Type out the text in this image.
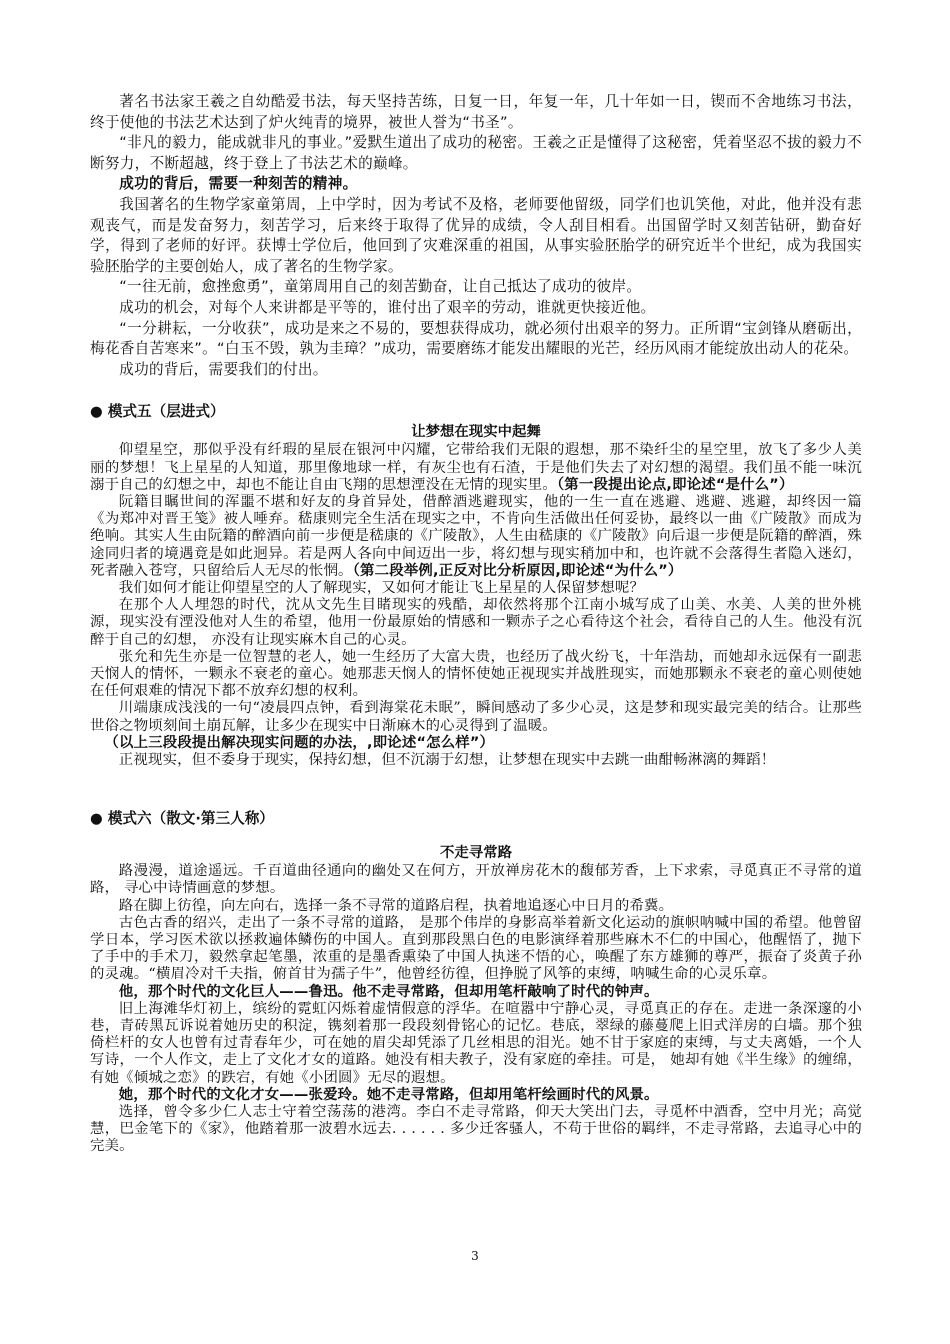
著名书法家王羲之自幼酷爱书法，每天坚持苦练，日复一日，年复一年，几十年如一日，锲而不舍地练习书法，终于使他的书法艺术达到了炉火纯青的境界，被世人誉为“书圣”。

“非凡的毅力，能成就非凡的事业。”爱默生道出了成功的秘密。王羲之正是懂得了这秘密，凭着坚忍不拔的毅力不断努力，不断超越，终于登上了书法艺术的巅峰。

成功的背后，需要一种刻苦的精神。

我国著名的生物学家童第周，上中学时，因为考试不及格，老师要他留级，同学们也讥笑他，对此，他并没有悲观丧气，而是发奋努力，刻苦学习，后来终于取得了优异的成绩，令人刮目相看。出国留学时又刻苦钻研，勤奋好学，得到了老师的好评。获博士学位后，他回到了灾难深重的祖国，从事实验胚胎学的研究近半个世纪，成为我国实验胚胎学的主要创始人，成了著名的生物学家。

“一往无前，愈挫愈勇”，童第周用自己的刻苦勤奋，让自己抵达了成功的彼岸。

成功的机会，对每个人来讲都是平等的，谁付出了艰辛的劳动，谁就更快接近他。

“一分耕耘，一分收获”，成功是来之不易的，要想获得成功，就必须付出艰辛的努力。正所谓“宝剑锋从磨砺出，梅花香自苦寒来”。“白玉不毁，孰为圭璋？”成功，需要磨练才能发出耀眼的光芒，经历风雨才能绽放出动人的花朵。

成功的背后，需要我们的付出。

● 模式五（层进式）
让梦想在现实中起舞

仰望星空，那似乎没有纤瑕的星辰在银河中闪耀，它带给我们无限的遐想，那不染纤尘的星空里，放飞了多少人美丽的梦想！飞上星星的人知道，那里像地球一样，有灰尘也有石渣，于是他们失去了对幻想的渴望。我们虽不能一味沉溺于自己的幻想之中，却也不能让自由飞翔的思想湮没在无情的现实里。（第一段提出论点,即论述“是什么”）

阮籍目瞩世间的浑噩不堪和好友的身首异处，借醉酒逃避现实，他的一生一直在逃避、逃避、逃避，却终因一篇《为郑冲对晋王笺》被人唾弃。嵇康则完全生活在现实之中，不肯向生活做出任何妥协，最终以一曲《广陵散》而成为绝响。其实人生由阮籍的醉酒向前一步便是嵇康的《广陵散》，人生由嵇康的《广陵散》向后退一步便是阮籍的醉酒，殊途同归者的境遇竟是如此迥异。若是两人各向中间迈出一步，将幻想与现实稍加中和，也许就不会落得生者隐入迷幻，死者融入苍穹，只留给后人无尽的怅惘。（第二段举例,正反对比分析原因,即论述“为什么”）

我们如何才能让仰望星空的人了解现实，又如何才能让飞上星星的人保留梦想呢？

在那个人人埋怨的时代，沈从文先生目睹现实的残酷，却依然将那个江南小城写成了山美、水美、人美的世外桃源，现实没有湮没他对人生的希望，他用一份最原始的情感和一颗赤子之心看待这个社会，看待自己的人生。他没有沉醉于自己的幻想， 亦没有让现实麻木自己的心灵。

张允和先生亦是一位智慧的老人，她一生经历了大富大贵，也经历了战火纷飞，十年浩劫，而她却永远保有一副悲天悯人的情怀，一颗永不衰老的童心。她那悲天悯人的情怀使她正视现实并战胜现实，而她那颗永不衰老的童心则使她在任何艰难的情况下都不放弃幻想的权利。

川端康成浅浅的一句“凌晨四点钟，看到海棠花未眠”，瞬间感动了多少心灵，这是梦和现实最完美的结合。让那些世俗之物顷刻间土崩瓦解，让多少在现实中日渐麻木的心灵得到了温暖。

（以上三段段提出解决现实问题的办法，,即论述“怎么样”）

正视现实，但不委身于现实，保持幻想，但不沉溺于幻想，让梦想在现实中去跳一曲酣畅淋漓的舞蹈！

● 模式六（散文·第三人称）
不走寻常路

路漫漫，道途遥远。千百道曲径通向的幽处又在何方，开放禅房花木的馥郁芳香，上下求索，寻觅真正不寻常的道路， 寻心中诗情画意的梦想。

路在脚上彷徨，向左向右，选择一条不寻常的道路启程，执着地追逐心中日月的希冀。

古色古香的绍兴，走出了一条不寻常的道路， 是那个伟岸的身影高举着新文化运动的旗帜呐喊中国的希望。他曾留学日本，学习医术欲以拯救遍体鳞伤的中国人。直到那段黑白色的电影演绎着那些麻木不仁的中国心，他醒悟了，抛下了手中的手术刀，毅然拿起笔墨，浓重的是墨香熏染了中国人执迷不悟的心，唤醒了东方雄狮的尊严，振奋了炎黄子孙的灵魂。“横眉冷对千夫指，俯首甘为孺子牛”，他曾经彷徨，但挣脱了风筝的束缚，呐喊生命的心灵乐章。

他，那个时代的文化巨人——鲁迅。他不走寻常路，但却用笔杆敲响了时代的钟声。

旧上海滩华灯初上，缤纷的霓虹闪烁着虚情假意的浮华。在喧嚣中宁静心灵，寻觅真正的存在。走进一条深邃的小巷，青砖黑瓦诉说着她历史的积淀，镌刻着那一段段刻骨铭心的记忆。巷底，翠绿的藤蔓爬上旧式洋房的白墙。那个独倚栏杆的女人也曾有过青春年少，可在她的眉尖却凭添了几丝相思的泪光。她不甘于家庭的束缚，与丈夫离婚，一个人写诗，一个人作文，走上了文化才女的道路。她没有相夫教子，没有家庭的牵挂。可是， 她却有她《半生缘》的缠绵，有她《倾城之恋》的跌宕，有她《小团圆》无尽的遐想。

她，那个时代的文化才女——张爱玲。她不走寻常路，但却用笔杆绘画时代的风景。

选择，曾令多少仁人志士守着空荡荡的港湾。李白不走寻常路，仰天大笑出门去，寻觅杯中酒香，空中月光；高觉慧，巴金笔下的《家》，他踏着那一波碧水远去. . . . . . 多少迁客骚人，不苟于世俗的羁绊，不走寻常路，去追寻心中的完美。

3
